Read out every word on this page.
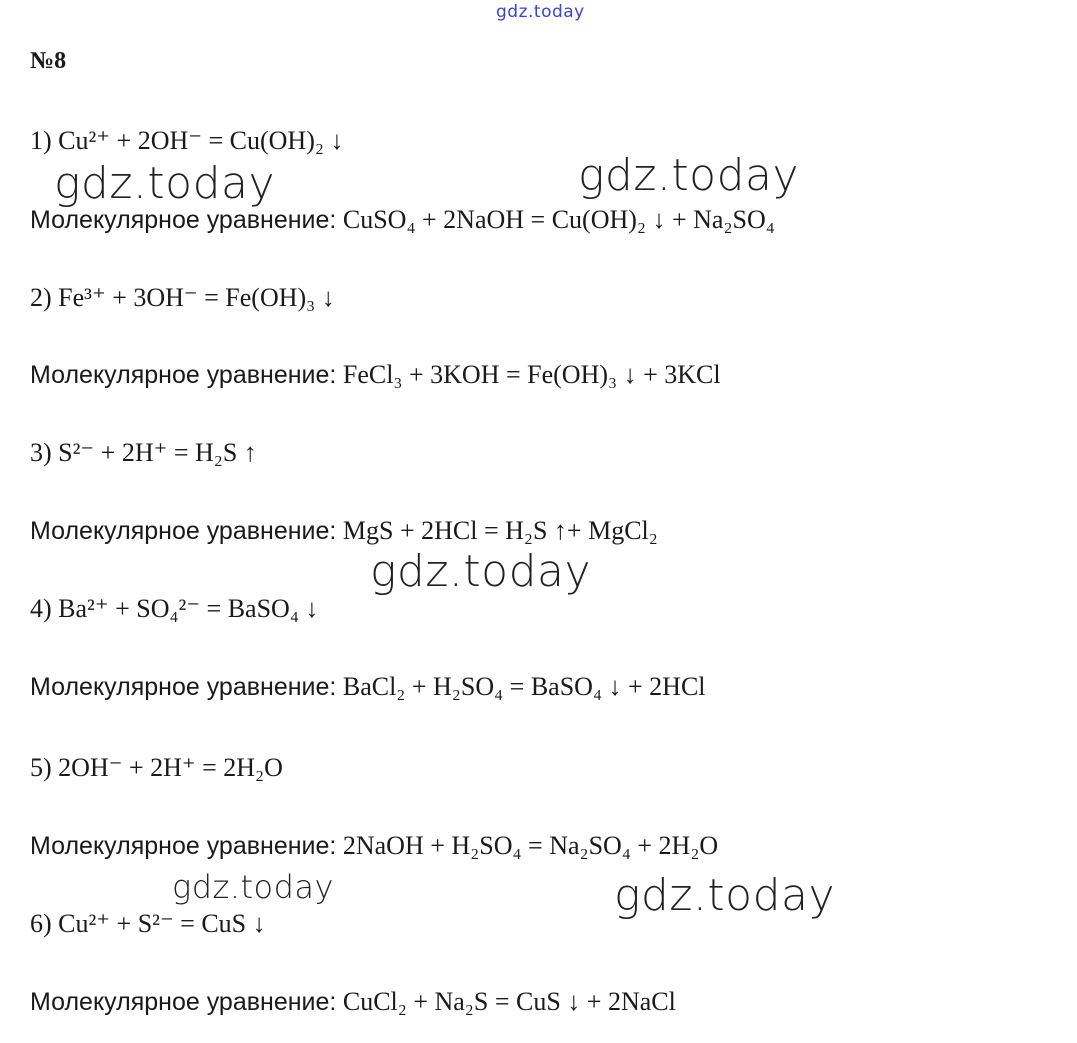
gdz.today
gdz.today	gdz.today
gdz.today
gdz.today	gdz.today
№8
1) Cu²⁺ + 2OH⁻ = Cu(OH)₂ ↓
Молекулярное уравнение: CuSO₄ + 2NaOH = Cu(OH)₂ ↓ + Na₂SO₄
2) Fe³⁺ + 3OH⁻ = Fe(OH)₃ ↓
Молекулярное уравнение: FeCl₃ + 3KOH = Fe(OH)₃ ↓ + 3KCl
3) S²⁻ + 2H⁺ = H₂S ↑
Молекулярное уравнение: MgS + 2HCl = H₂S ↑+ MgCl₂
4) Ba²⁺ + SO₄²⁻ = BaSO₄ ↓
Молекулярное уравнение: BaCl₂ + H₂SO₄ = BaSO₄ ↓ + 2HCl
5) 2OH⁻ + 2H⁺ = 2H₂O
Молекулярное уравнение: 2NaOH + H₂SO₄ = Na₂SO₄ + 2H₂O
6) Cu²⁺ + S²⁻ = CuS ↓
Молекулярное уравнение: CuCl₂ + Na₂S = CuS ↓ + 2NaCl
